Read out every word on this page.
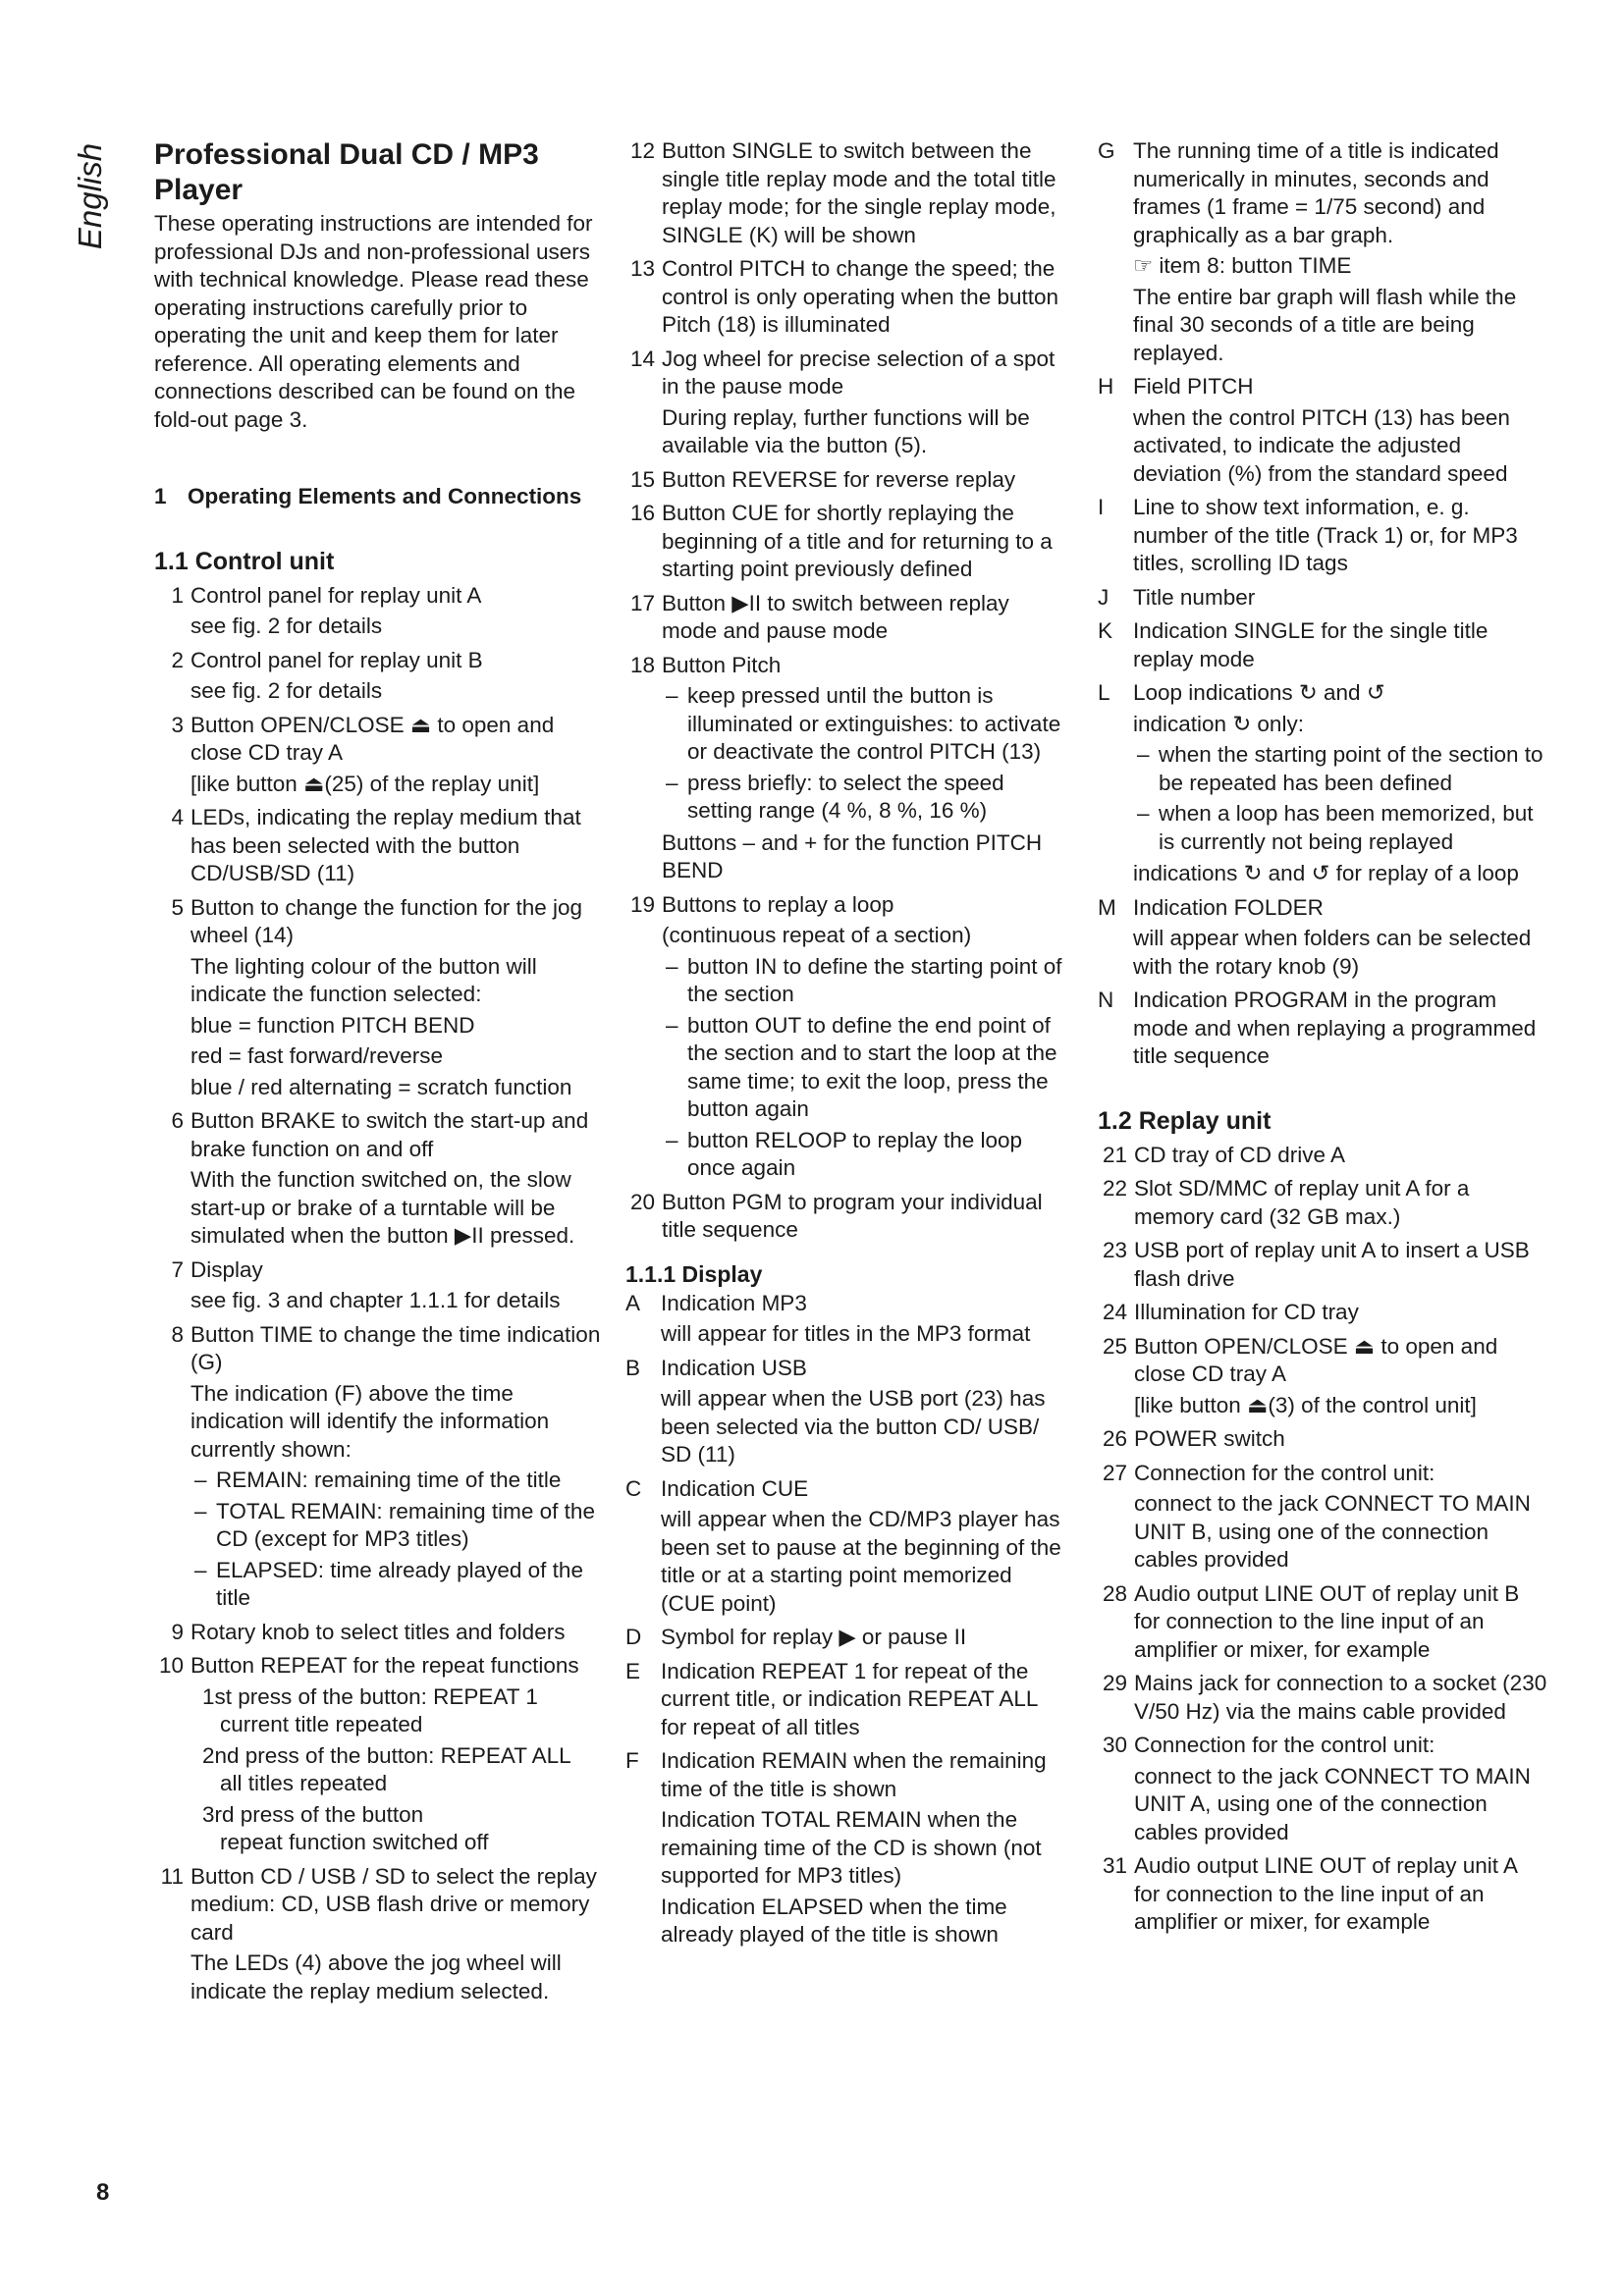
English Professional Dual CD / MP3 Player

These operating instructions are intended for professional DJs and non-professional users with technical knowledge. Please read these operating instructions carefully prior to operating the unit and keep them for later reference. All operating elements and connections described can be found on the fold-out page 3.

1 Operating Elements and Connections
1.1 Control unit
1 Control panel for replay unit A

see fig. 2 for details

2 Control panel for replay unit B

see fig. 2 for details

3 Button OPEN/CLOSE ⏏ to open and close CD tray A

[like button ⏏(25) of the replay unit]

4 LEDs, indicating the replay medium that has been selected with the button CD/USB/SD (11)

5 Button to change the function for the jog wheel (14)

The lighting colour of the button will indicate the function selected:

blue = function PITCH BEND

red = fast forward/reverse

blue / red alternating = scratch function

6 Button BRAKE to switch the start-up and brake function on and off

With the function switched on, the slow start-up or brake of a turntable will be simulated when the button ▶II pressed.

7 Display

see fig. 3 and chapter 1.1.1 for details

8 Button TIME to change the time indication (G)

The indication (F) above the time indication will identify the information currently shown:

– REMAIN: remaining time of the title
– TOTAL REMAIN: remaining time of the CD (except for MP3 titles)
– ELAPSED: time already played of the title
9 Rotary knob to select titles and folders

10 Button REPEAT for the repeat functions

1st press of the button: REPEAT 1

current title repeated

2nd press of the button: REPEAT ALL

all titles repeated

3rd press of the button

repeat function switched off

11 Button CD / USB / SD to select the replay medium: CD, USB flash drive or memory card

The LEDs (4) above the jog wheel will indicate the replay medium selected.

12 Button SINGLE to switch between the single title replay mode and the total title replay mode; for the single replay mode, SINGLE (K) will be shown

13 Control PITCH to change the speed; the control is only operating when the button Pitch (18) is illuminated

14 Jog wheel for precise selection of a spot in the pause mode

During replay, further functions will be available via the button (5).

15 Button REVERSE for reverse replay

16 Button CUE for shortly replaying the beginning of a title and for returning to a starting point previously defined

17 Button ▶II to switch between replay mode and pause mode

18 Button Pitch

– keep pressed until the button is illuminated or extinguishes: to activate or deactivate the control PITCH (13)
– press briefly: to select the speed setting range (4 %, 8 %, 16 %)

Buttons – and + for the function PITCH BEND

19 Buttons to replay a loop

(continuous repeat of a section)

– button IN to define the starting point of the section
– button OUT to define the end point of the section and to start the loop at the same time; to exit the loop, press the button again
– button RELOOP to replay the loop once again
20 Button PGM to program your individual title sequence

1.1.1 Display
A Indication MP3

will appear for titles in the MP3 format

B Indication USB

will appear when the USB port (23) has been selected via the button CD/ USB/ SD (11)

C Indication CUE

will appear when the CD/MP3 player has been set to pause at the beginning of the title or at a starting point memorized (CUE point)

D Symbol for replay ▶ or pause II

E Indication REPEAT 1 for repeat of the current title, or indication REPEAT ALL for repeat of all titles

F Indication REMAIN when the remaining time of the title is shown

Indication TOTAL REMAIN when the remaining time of the CD is shown (not supported for MP3 titles)

Indication ELAPSED when the time already played of the title is shown

G The running time of a title is indicated numerically in minutes, seconds and frames (1 frame = 1/75 second) and graphically as a bar graph.

☞ item 8: button TIME

The entire bar graph will flash while the final 30 seconds of a title are being replayed.

H Field PITCH

when the control PITCH (13) has been activated, to indicate the adjusted deviation (%) from the standard speed

I	Line to show text information, e. g. number of the title (Track 1) or, for MP3 titles, scrolling ID tags

J	Title number

K Indication SINGLE for the single title replay mode

L	Loop indications ↻ and ↺

indication ↻ only:

– when the starting point of the section to be repeated has been defined
– when a loop has been memorized, but is currently not being replayed

indications ↻ and ↺ for replay of a loop

M Indication FOLDER

will appear when folders can be selected with the rotary knob (9)

N Indication PROGRAM in the program mode and when replaying a programmed title sequence

1.2 Replay unit
21 CD tray of CD drive A

22 Slot SD/MMC of replay unit A for a memory card (32 GB max.)

23 USB port of replay unit A to insert a USB flash drive

24 Illumination for CD tray

25 Button OPEN/CLOSE ⏏ to open and close CD tray A

[like button ⏏(3) of the control unit]

26 POWER switch

27 Connection for the control unit:

connect to the jack CONNECT TO MAIN UNIT B, using one of the connection cables provided

28 Audio output LINE OUT of replay unit B for connection to the line input of an amplifier or mixer, for example

29 Mains jack for connection to a socket (230 V/50 Hz) via the mains cable provided

30 Connection for the control unit:

connect to the jack CONNECT TO MAIN UNIT A, using one of the connection cables provided

31 Audio output LINE OUT of replay unit A for connection to the line input of an amplifier or mixer, for example

8
